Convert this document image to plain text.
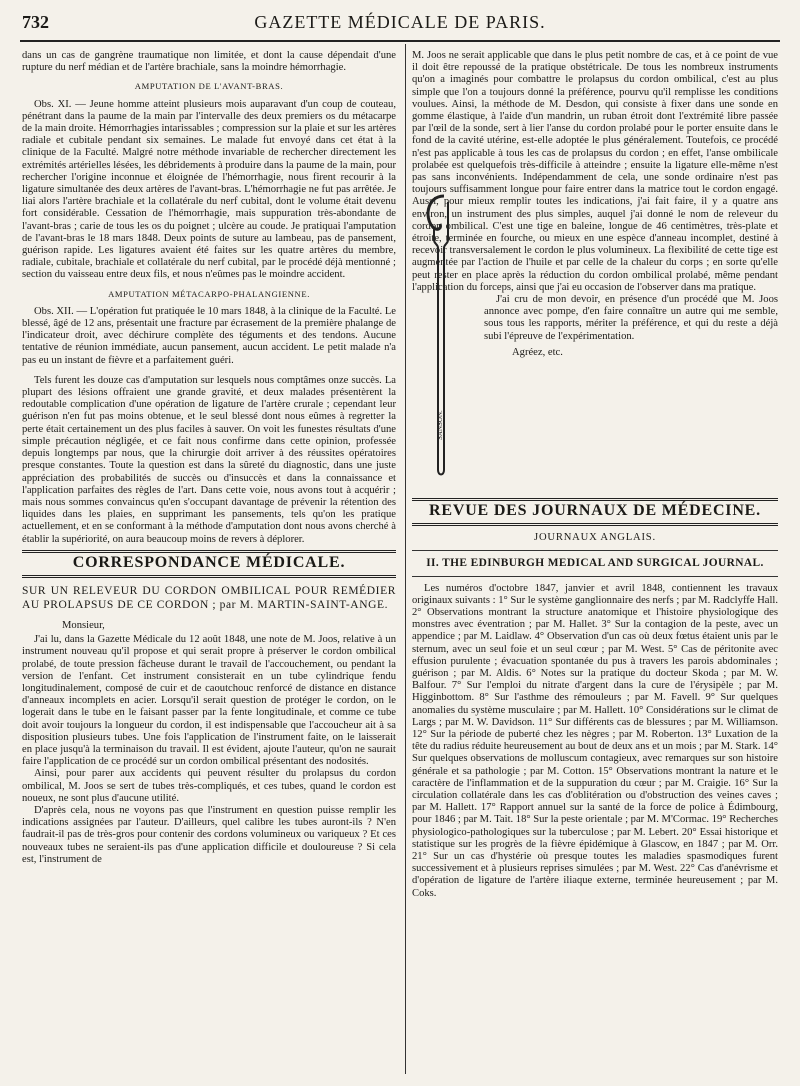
732	GAZETTE MÉDICALE DE PARIS.

dans un cas de gangrène traumatique non limitée, et dont la cause dépendait d'une rupture du nerf médian et de l'artère brachiale, sans la moindre hémorrhagie.

AMPUTATION DE L'AVANT-BRAS.

Obs. XI. — Jeune homme atteint plusieurs mois auparavant d'un coup de couteau, pénétrant dans la paume de la main par l'intervalle des deux premiers os du métacarpe de la main droite. Hémorrhagies intarissables ; compression sur la plaie et sur les artères radiale et cubitale pendant six semaines. Le malade fut envoyé dans cet état à la clinique de la Faculté. Malgré notre méthode invariable de rechercher directement les extrémités artérielles lésées, les débridements à produire dans la paume de la main, pour rechercher l'origine inconnue et éloignée de l'hémorrhagie, nous firent recourir à la ligature simultanée des deux artères de l'avant-bras. L'hémorrhagie ne fut pas arrêtée. Je liai alors l'artère brachiale et la collatérale du nerf cubital, dont le volume était devenu fort considérable. Cessation de l'hémorrhagie, mais suppuration très-abondante de l'avant-bras ; carie de tous les os du poignet ; ulcère au coude. Je pratiquai l'amputation de l'avant-bras le 18 mars 1848. Deux points de suture au lambeau, pas de pansement, guérison rapide. Les ligatures avaient été faites sur les quatre artères du membre, radiale, cubitale, brachiale et collatérale du nerf cubital, par le procédé déjà mentionné ; section du vaisseau entre deux fils, et nous n'eûmes pas le moindre accident.

AMPUTATION MÉTACARPO-PHALANGIENNE.

Obs. XII. — L'opération fut pratiquée le 10 mars 1848, à la clinique de la Faculté. Le blessé, âgé de 12 ans, présentait une fracture par écrasement de la première phalange de l'indicateur droit, avec déchirure complète des téguments et des tendons. Aucune tentative de réunion immédiate, aucun pansement, aucun accident. Le petit malade n'a pas eu un instant de fièvre et a parfaitement guéri.

Tels furent les douze cas d'amputation sur lesquels nous comptâmes onze succès. La plupart des lésions offraient une grande gravité, et deux malades présentèrent la redoutable complication d'une opération de ligature de l'artère crurale ; cependant leur guérison n'en fut pas moins obtenue, et le seul blessé dont nous eûmes à regretter la perte était certainement un des plus faciles à sauver. On voit les funestes résultats d'une simple précaution négligée, et ce fait nous confirme dans cette opinion, professée depuis longtemps par nous, que la chirurgie doit arriver à des réussites opératoires presque constantes. Toute la question est dans la sûreté du diagnostic, dans une juste appréciation des probabilités de succès ou d'insuccès et dans la connaissance et l'application parfaites des règles de l'art. Dans cette voie, nous avons tout à acquérir ; mais nous sommes convaincus qu'en s'occupant davantage de prévenir la rétention des liquides dans les plaies, en supprimant les pansements, tels qu'on les pratique actuellement, et en se conformant à la méthode d'amputation dont nous avons cherché à établir la supériorité, on aura beaucoup moins de revers à déplorer.

CORRESPONDANCE MÉDICALE.

SUR UN RELEVEUR DU CORDON OMBILICAL POUR REMÉDIER AU PROLAPSUS DE CE CORDON ; par M. MARTIN-SAINT-ANGE.

Monsieur,

J'ai lu, dans la Gazette Médicale du 12 août 1848, une note de M. Joos, relative à un instrument nouveau qu'il propose et qui serait propre à préserver le cordon ombilical prolabé, de toute pression fâcheuse durant le travail de l'accouchement, ou pendant la version de l'enfant. Cet instrument consisterait en un tube cylindrique fendu longitudinalement, composé de cuir et de caoutchouc renforcé de distance en distance d'anneaux incomplets en acier. Lorsqu'il serait question de protéger le cordon, on le logerait dans le tube en le faisant passer par la fente longitudinale, et comme ce tube doit avoir toujours la longueur du cordon, il est indispensable que l'accoucheur ait à sa disposition plusieurs tubes. Une fois l'application de l'instrument faite, on le laisserait en place jusqu'à la terminaison du travail. Il est évident, ajoute l'auteur, qu'on ne saurait faire l'application de ce procédé sur un cordon ombilical présentant des nodosités.

Ainsi, pour parer aux accidents qui peuvent résulter du prolapsus du cordon ombilical, M. Joos se sert de tubes très-compliqués, et ces tubes, quand le cordon est noueux, ne sont plus d'aucune utilité.

D'après cela, nous ne voyons pas que l'instrument en question puisse remplir les indications assignées par l'auteur. D'ailleurs, quel calibre les tubes auront-ils ? N'en faudrait-il pas de très-gros pour contenir des cordons volumineux ou variqueux ? Et ces nouveaux tubes ne seraient-ils pas d'une application difficile et douloureuse ? Si cela est, l'instrument de

SANSON.

M. Joos ne serait applicable que dans le plus petit nombre de cas, et à ce point de vue il doit être repoussé de la pratique obstétricale. De tous les nombreux instruments qu'on a imaginés pour combattre le prolapsus du cordon ombilical, c'est au plus simple que l'on a toujours donné la préférence, pourvu qu'il remplisse les conditions voulues. Ainsi, la méthode de M. Desdon, qui consiste à fixer dans une sonde en gomme élastique, à l'aide d'un mandrin, un ruban étroit dont l'extrémité libre passée par l'œil de la sonde, sert à lier l'anse du cordon prolabé pour le porter ensuite dans le fond de la cavité utérine, est-elle adoptée le plus généralement. Toutefois, ce procédé n'est pas applicable à tous les cas de prolapsus du cordon ; en effet, l'anse ombilicale prolabée est quelquefois très-difficile à atteindre ; ensuite la ligature elle-même n'est pas sans inconvénients. Indépendamment de cela, une sonde ordinaire n'est pas toujours suffisamment longue pour faire entrer dans la matrice tout le cordon engagé. Aussi, pour mieux remplir toutes les indications, j'ai fait faire, il y a quatre ans environ, un instrument des plus simples, auquel j'ai donné le nom de releveur du cordon ombilical. C'est une tige en baleine, longue de 46 centimètres, très-plate et étroite, terminée en fourche, ou mieux en une espèce d'anneau incomplet, destiné à recevoir transversalement le cordon le plus volumineux. La flexibilité de cette tige est augmentée par l'action de l'huile et par celle de la chaleur du corps ; en sorte qu'elle peut rester en place après la réduction du cordon ombilical prolabé, même pendant l'application du forceps, ainsi que j'ai eu occasion de l'observer dans ma pratique.

J'ai cru de mon devoir, en présence d'un procédé que M. Joos annonce avec pompe, d'en faire connaître un autre qui me semble, sous tous les rapports, mériter la préférence, et qui du reste a déjà subi l'épreuve de l'expérimentation.

Agréez, etc.

REVUE DES JOURNAUX DE MÉDECINE.

JOURNAUX ANGLAIS.

II. THE EDINBURGH MEDICAL AND SURGICAL JOURNAL.

Les numéros d'octobre 1847, janvier et avril 1848, contiennent les travaux originaux suivants : 1° Sur le système ganglionnaire des nerfs ; par M. Radclyffe Hall. 2° Observations montrant la structure anatomique et l'histoire physiologique des monstres avec éventration ; par M. Hallet. 3° Sur la contagion de la peste, avec un appendice ; par M. Laidlaw. 4° Observation d'un cas où deux fœtus étaient unis par le sternum, avec un seul foie et un seul cœur ; par M. West. 5° Cas de péritonite avec effusion purulente ; évacuation spontanée du pus à travers les parois abdominales ; guérison ; par M. Aldis. 6° Notes sur la pratique du docteur Skoda ; par M. W. Balfour. 7° Sur l'emploi du nitrate d'argent dans la cure de l'érysipèle ; par M. Higginbottom. 8° Sur l'asthme des rémouleurs ; par M. Favell. 9° Sur quelques anomalies du système musculaire ; par M. Hallett. 10° Considérations sur le climat de Largs ; par M. W. Davidson. 11° Sur différents cas de blessures ; par M. Williamson. 12° Sur la période de puberté chez les nègres ; par M. Roberton. 13° Luxation de la tête du radius réduite heureusement au bout de deux ans et un mois ; par M. Stark. 14° Sur quelques observations de molluscum contagieux, avec remarques sur son histoire générale et sa pathologie ; par M. Cotton. 15° Observations montrant la nature et le caractère de l'inflammation et de la suppuration du cœur ; par M. Craigie. 16° Sur la circulation collatérale dans les cas d'oblitération ou d'obstruction des veines caves ; par M. Hallett. 17° Rapport annuel sur la santé de la force de police à Édimbourg, pour 1846 ; par M. Tait. 18° Sur la peste orientale ; par M. M'Cormac. 19° Recherches physiologico-pathologiques sur la tuberculose ; par M. Lebert. 20° Essai historique et statistique sur les progrès de la fièvre épidémique à Glascow, en 1847 ; par M. Orr. 21° Sur un cas d'hystérie où presque toutes les maladies spasmodiques furent successivement et à plusieurs reprises simulées ; par M. West. 22° Cas d'anévrisme et d'opération de ligature de l'artère iliaque externe, terminée heureusement ; par M. Coks.
